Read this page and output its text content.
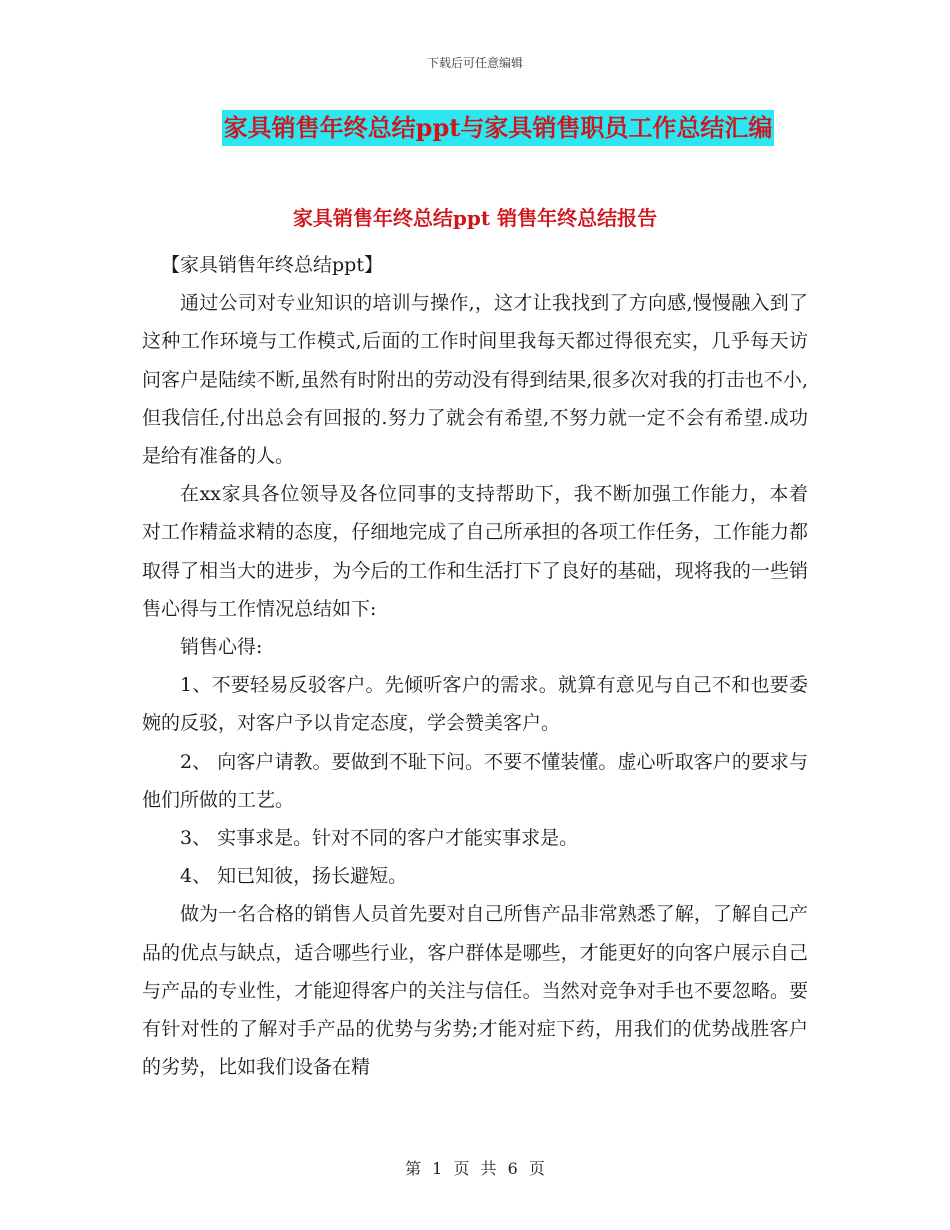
下载后可任意编辑
家具销售年终总结ppt与家具销售职员工作总结汇编
家具销售年终总结ppt 销售年终总结报告

【家具销售年终总结ppt】

通过公司对专业知识的培训与操作,，这才让我找到了方向感,慢慢融入到了这种工作环境与工作模式,后面的工作时间里我每天都过得很充实，几乎每天访问客户是陆续不断,虽然有时附出的劳动没有得到结果,很多次对我的打击也不小,但我信任,付出总会有回报的.努力了就会有希望,不努力就一定不会有希望.成功是给有准备的人。

在xx家具各位领导及各位同事的支持帮助下，我不断加强工作能力，本着对工作精益求精的态度，仔细地完成了自己所承担的各项工作任务，工作能力都取得了相当大的进步，为今后的工作和生活打下了良好的基础，现将我的一些销售心得与工作情况总结如下:

销售心得:

1、不要轻易反驳客户。先倾听客户的需求。就算有意见与自己不和也要委婉的反驳，对客户予以肯定态度，学会赞美客户。

2、 向客户请教。要做到不耻下问。不要不懂装懂。虚心听取客户的要求与他们所做的工艺。

3、 实事求是。针对不同的客户才能实事求是。

4、 知已知彼，扬长避短。

做为一名合格的销售人员首先要对自己所售产品非常熟悉了解，了解自己产品的优点与缺点，适合哪些行业，客户群体是哪些，才能更好的向客户展示自己与产品的专业性，才能迎得客户的关注与信任。当然对竞争对手也不要忽略。要有针对性的了解对手产品的优势与劣势;才能对症下药，用我们的优势战胜客户的劣势，比如我们设备在精

第 1 页 共 6 页
